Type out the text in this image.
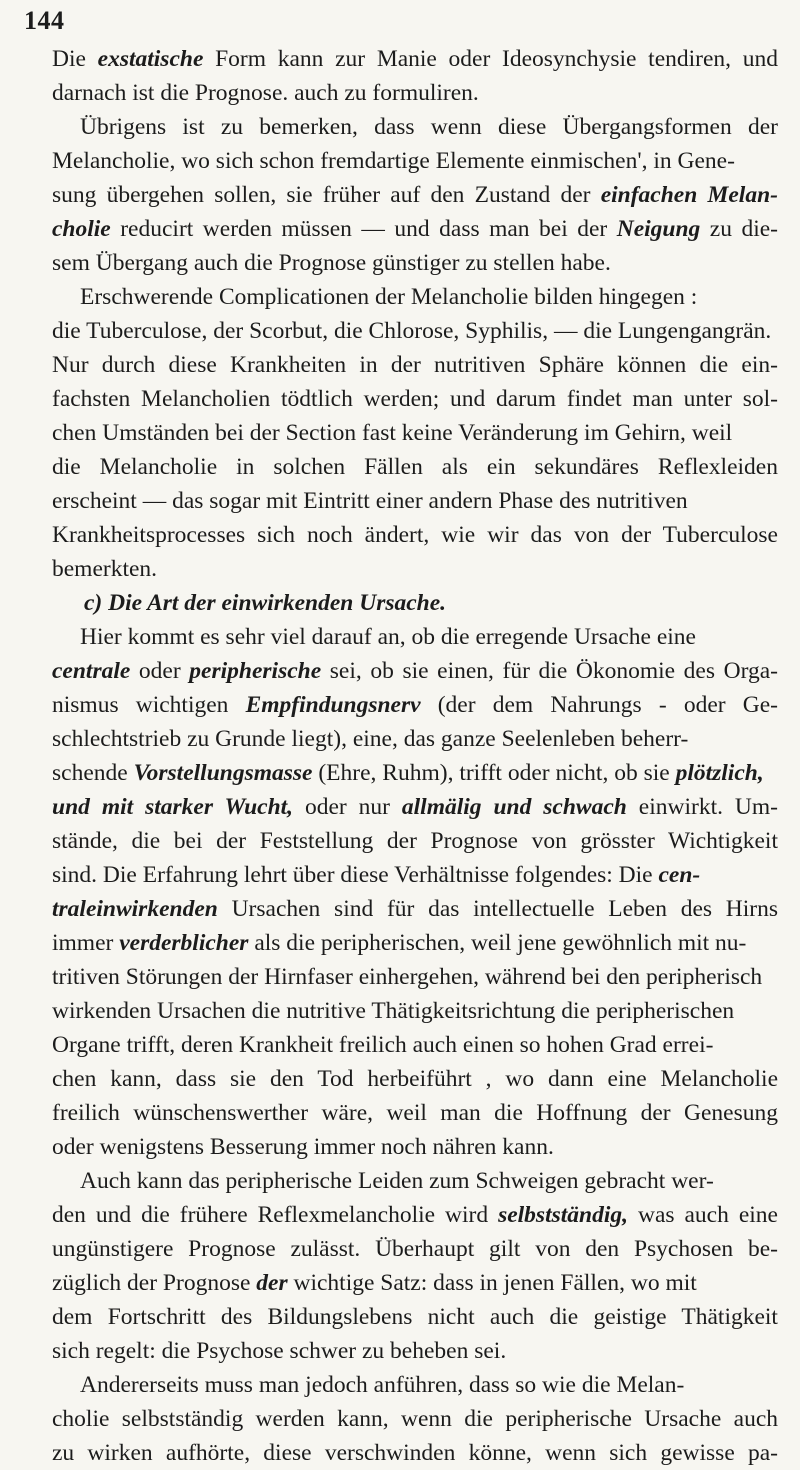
144
Die exstatische Form kann zur Manie oder Ideosynchysie tendiren, und
darnach ist die Prognose. auch zu formuliren.
Übrigens ist zu bemerken, dass wenn diese Übergangsformen der
Melancholie, wo sich schon fremdartige Elemente einmischen', in Gene-
sung übergehen sollen, sie früher auf den Zustand der einfachen Melan-
cholie reducirt werden müssen — und dass man bei der Neigung zu die-
sem Übergang auch die Prognose günstiger zu stellen habe.
Erschwerende Complicationen der Melancholie bilden hingegen :
die Tuberculose, der Scorbut, die Chlorose, Syphilis, — die Lungengangrän.
Nur durch diese Krankheiten in der nutritiven Sphäre können die ein-
fachsten Melancholien tödtlich werden; und darum findet man unter sol-
chen Umständen bei der Section fast keine Veränderung im Gehirn, weil
die Melancholie in solchen Fällen als ein sekundäres Reflexleiden
erscheint — das sogar mit Eintritt einer andern Phase des nutritiven
Krankheitsprocesses sich noch ändert, wie wir das von der Tuberculose
bemerkten.
c) Die Art der einwirkenden Ursache.
Hier kommt es sehr viel darauf an, ob die erregende Ursache eine
centrale oder peripherische sei, ob sie einen, für die Ökonomie des Orga-
nismus wichtigen Empfindungsnerv (der dem Nahrungs - oder Ge-
schlechtstrieb zu Grunde liegt), eine, das ganze Seelenleben beherr-
schende Vorstellungsmasse (Ehre, Ruhm), trifft oder nicht, ob sie plötzlich,
und mit starker Wucht, oder nur allmälig und schwach einwirkt. Um-
stände, die bei der Feststellung der Prognose von grösster Wichtigkeit
sind. Die Erfahrung lehrt über diese Verhältnisse folgendes: Die cen-
traleinwirkenden Ursachen sind für das intellectuelle Leben des Hirns
immer verderblicher als die peripherischen, weil jene gewöhnlich mit nu-
tritiven Störungen der Hirnfaser einhergehen, während bei den peripherisch
wirkenden Ursachen die nutritive Thätigkeitsrichtung die peripherischen
Organe trifft, deren Krankheit freilich auch einen so hohen Grad errei-
chen kann, dass sie den Tod herbeiführt , wo dann eine Melancholie
freilich wünschenswerther wäre, weil man die Hoffnung der Genesung
oder wenigstens Besserung immer noch nähren kann.
Auch kann das peripherische Leiden zum Schweigen gebracht wer-
den und die frühere Reflexmelancholie wird selbstständig, was auch eine
ungünstigere Prognose zulässt. Überhaupt gilt von den Psychosen be-
züglich der Prognose der wichtige Satz: dass in jenen Fällen, wo mit
dem Fortschritt des Bildungslebens nicht auch die geistige Thätigkeit
sich regelt: die Psychose schwer zu beheben sei.
Andererseits muss man jedoch anführen, dass so wie die Melan-
cholie selbstständig werden kann, wenn die peripherische Ursache auch
zu wirken aufhörte, diese verschwinden könne, wenn sich gewisse pa-
